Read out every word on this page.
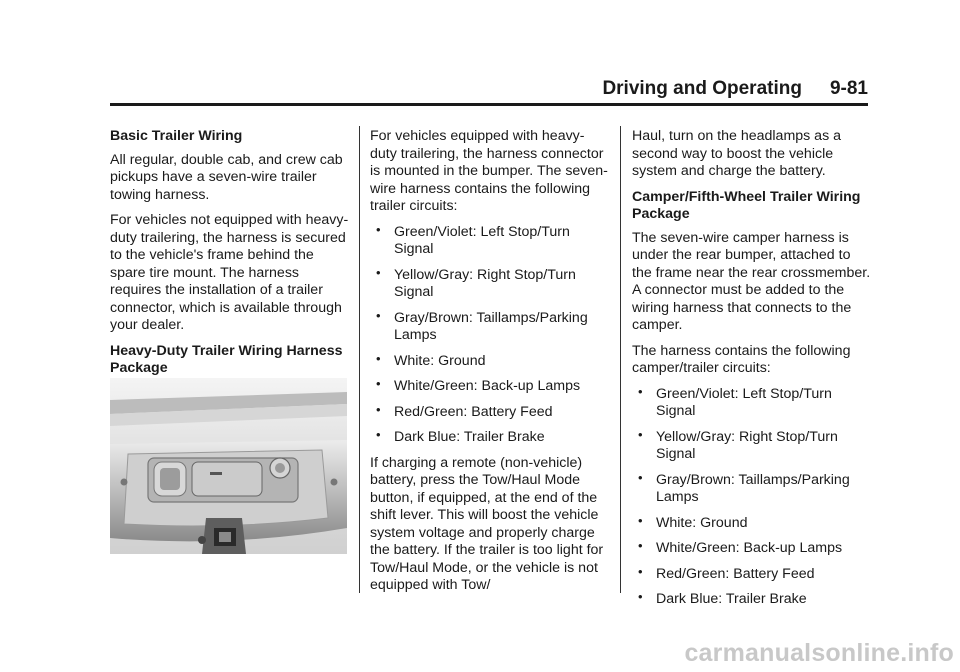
Driving and Operating 9-81

Basic Trailer Wiring

All regular, double cab, and crew cab pickups have a seven-wire trailer towing harness.

For vehicles not equipped with heavy-duty trailering, the harness is secured to the vehicle's frame behind the spare tire mount. The harness requires the installation of a trailer connector, which is available through your dealer.

Heavy-Duty Trailer Wiring Harness Package

For vehicles equipped with heavy-duty trailering, the harness connector is mounted in the bumper. The seven-wire harness contains the following trailer circuits:

• Green/Violet: Left Stop/Turn Signal
• Yellow/Gray: Right Stop/Turn Signal
• Gray/Brown: Taillamps/Parking Lamps
• White: Ground
• White/Green: Back-up Lamps
• Red/Green: Battery Feed
• Dark Blue: Trailer Brake

If charging a remote (non-vehicle) battery, press the Tow/Haul Mode button, if equipped, at the end of the shift lever. This will boost the vehicle system voltage and properly charge the battery. If the trailer is too light for Tow/Haul Mode, or the vehicle is not equipped with Tow/

Haul, turn on the headlamps as a second way to boost the vehicle system and charge the battery.

Camper/Fifth-Wheel Trailer Wiring Package

The seven-wire camper harness is under the rear bumper, attached to the frame near the rear crossmember. A connector must be added to the wiring harness that connects to the camper.

The harness contains the following camper/trailer circuits:

• Green/Violet: Left Stop/Turn Signal
• Yellow/Gray: Right Stop/Turn Signal
• Gray/Brown: Taillamps/Parking Lamps
• White: Ground
• White/Green: Back-up Lamps
• Red/Green: Battery Feed
• Dark Blue: Trailer Brake
carmanualsonline.info
